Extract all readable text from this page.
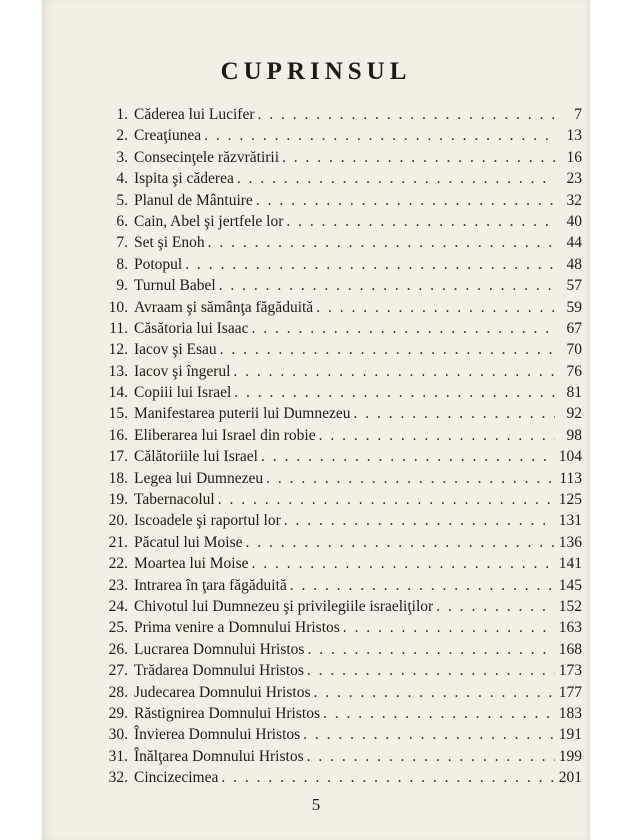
CUPRINSUL
1. Căderea lui Lucifer . . .	7
2. Creaţiunea . . .	13
3. Consecinţele răzvrătirii . . .	16
4. Ispita şi căderea . . .	23
5. Planul de Mântuire . . .	32
6. Cain, Abel şi jertfele lor . . .	40
7. Set şi Enoh . . .	44
8. Potopul . . .	48
9. Turnul Babel . . .	57
10. Avraam şi sămânţa făgăduită . . .	59
11. Căsătoria lui Isaac . . .	67
12. Iacov şi Esau . . .	70
13. Iacov şi îngerul . . .	76
14. Copiii lui Israel . . .	81
15. Manifestarea puterii lui Dumnezeu . . .	92
16. Eliberarea lui Israel din robie . . .	98
17. Călătoriile lui Israel . . .	104
18. Legea lui Dumnezeu . . .	113
19. Tabernacolul . . .	125
20. Iscoadele şi raportul lor . . .	131
21. Păcatul lui Moise . . .	136
22. Moartea lui Moise . . .	141
23. Intrarea în ţara făgăduită . . .	145
24. Chivotul lui Dumnezeu şi privilegiile israeliţilor . . .	152
25. Prima venire a Domnului Hristos . . .	163
26. Lucrarea Domnului Hristos . . .	168
27. Trădarea Domnului Hristos . . .	173
28. Judecarea Domnului Hristos . . .	177
29. Răstignirea Domnului Hristos . . .	183
30. Învierea Domnului Hristos . . .	191
31. Înălţarea Domnului Hristos . . .	199
32. Cincizecimea . . .	201
5
